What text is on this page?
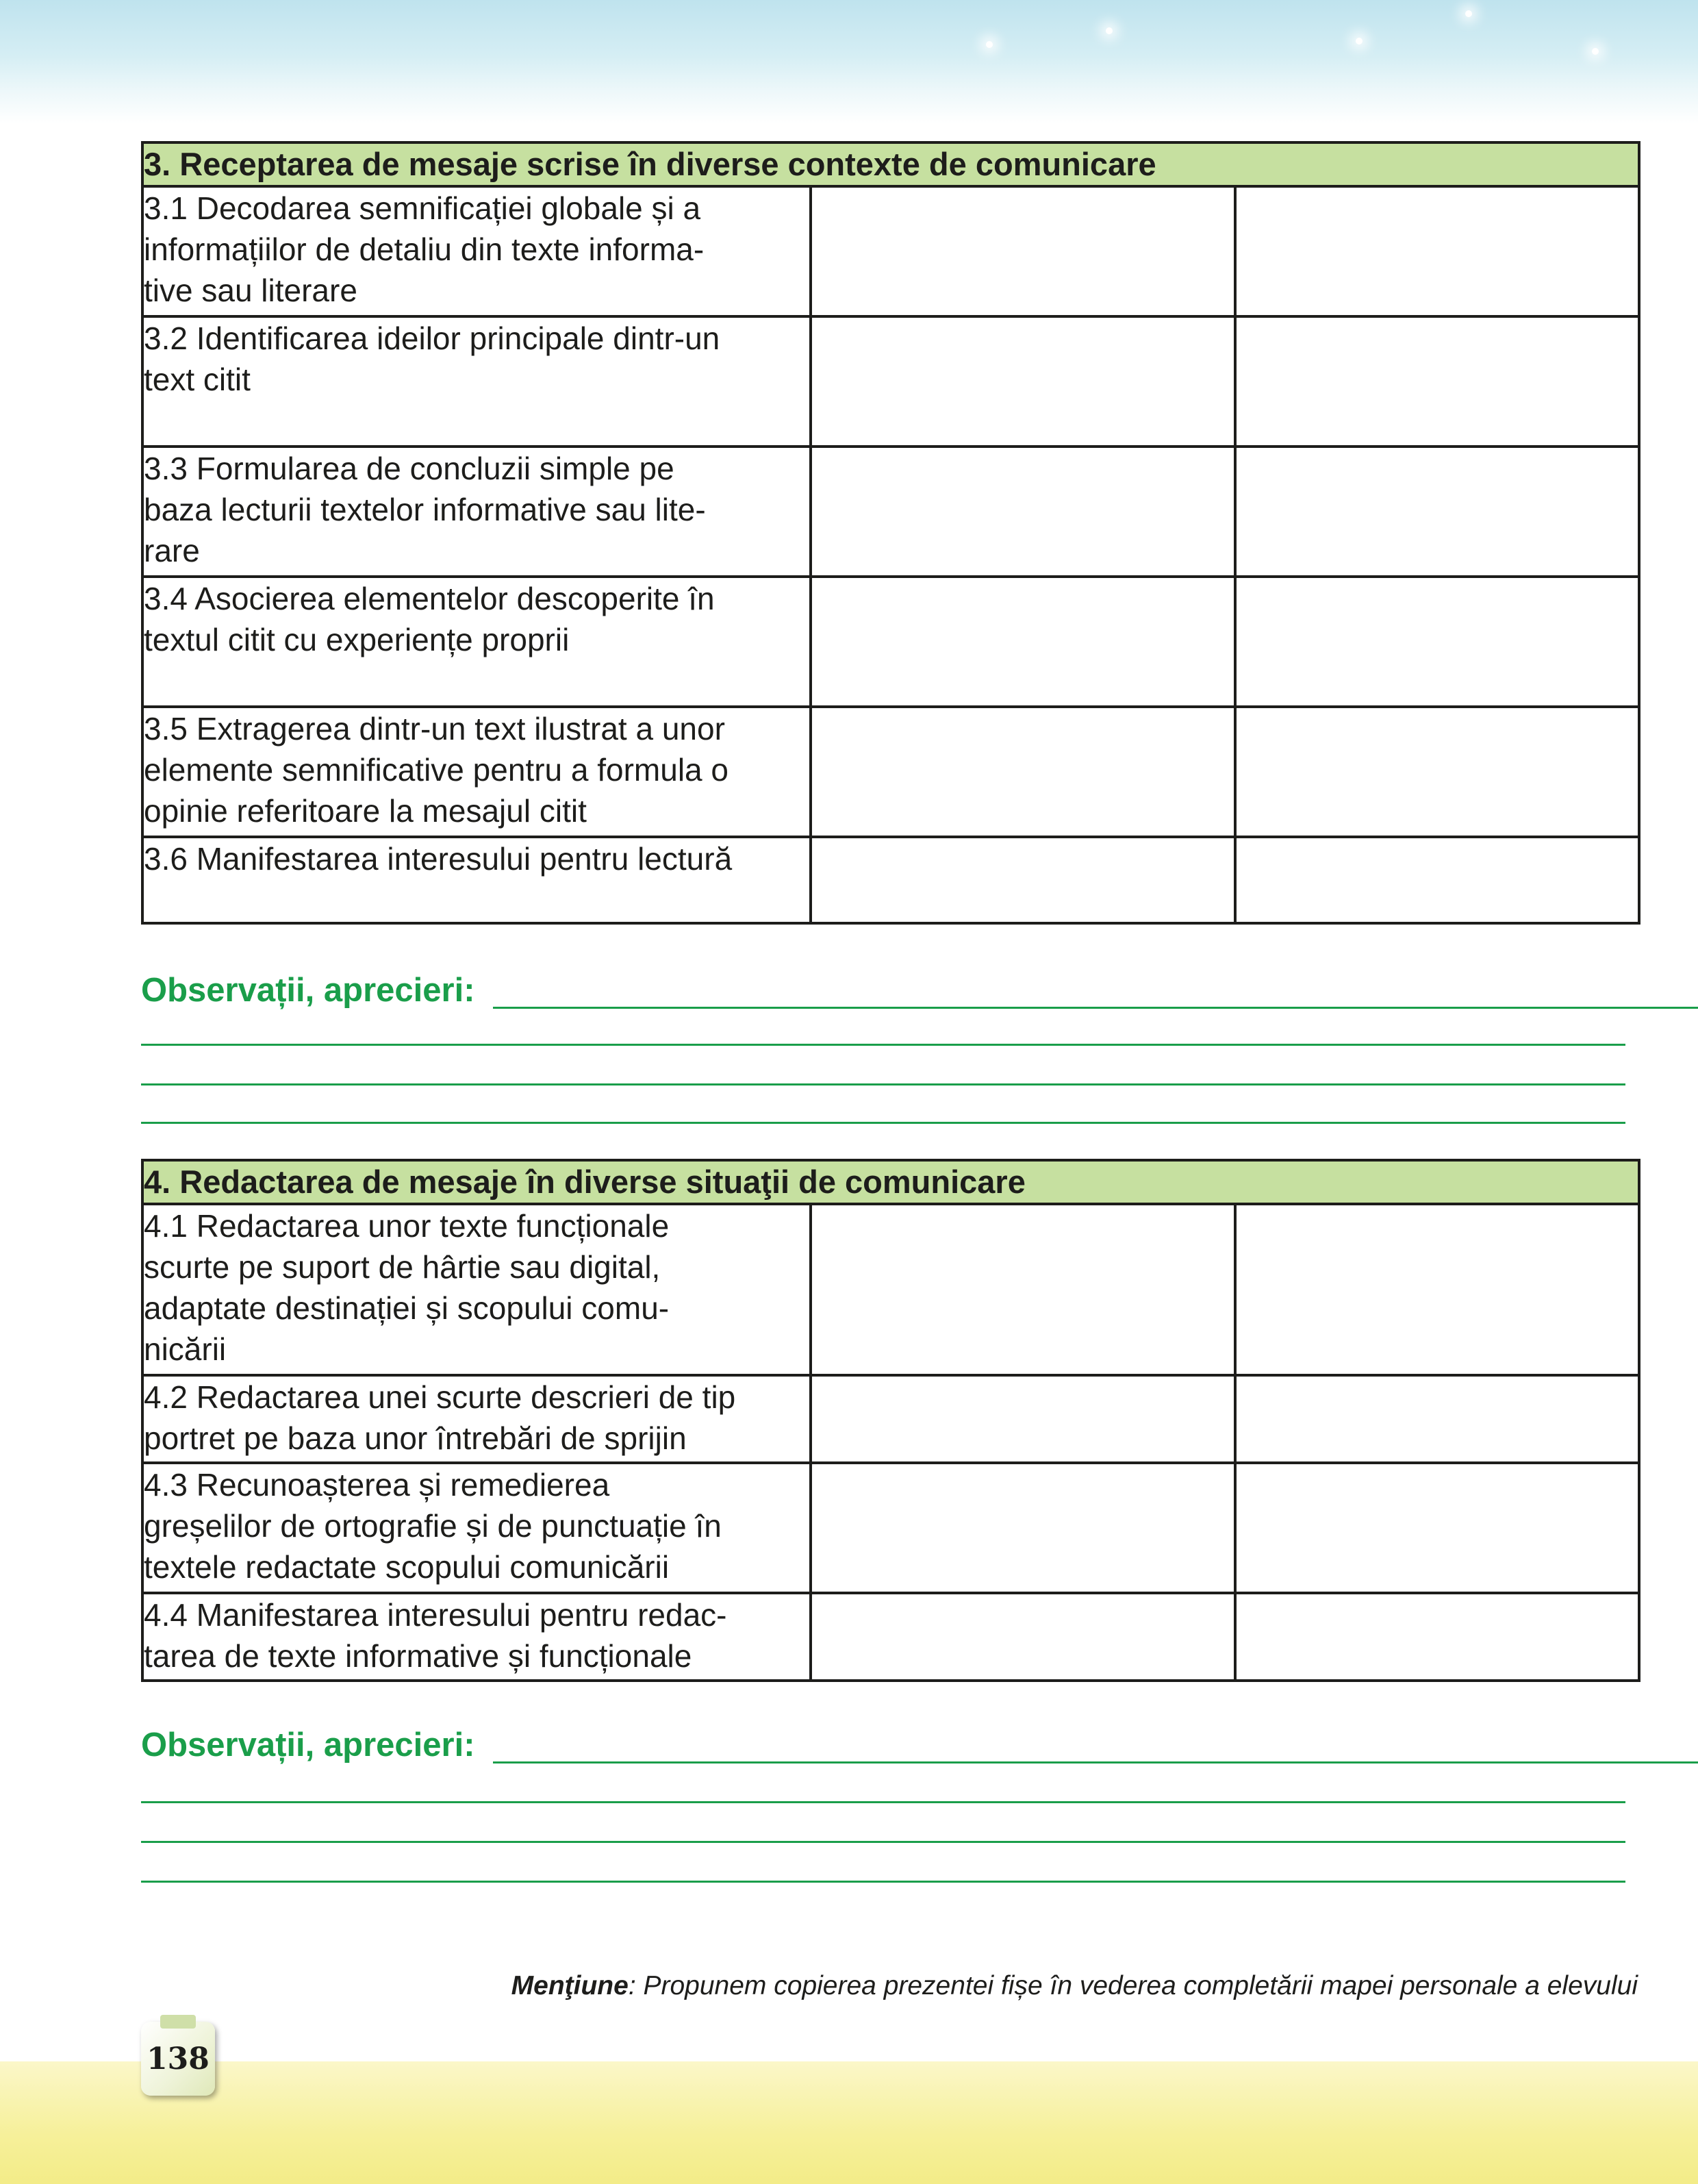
3. Receptarea de mesaje scrise în diverse contexte de comunicare		

3.1 Decodarea semnificației globale și a
informațiilor de detaliu din texte informa-
tive sau literare		

3.2 Identificarea ideilor principale dintr-un
text citit		

3.3 Formularea de concluzii simple pe
baza lecturii textelor informative sau lite-
rare		

3.4 Asocierea elementelor descoperite în
textul citit cu experiențe proprii		

3.5 Extragerea dintr-un text ilustrat a unor
elemente semnificative pentru a formula o
opinie referitoare la mesajul citit		

3.6 Manifestarea interesului pentru lectură		

Observații, aprecieri:
4. Redactarea de mesaje în diverse situaţii de comunicare		

4.1 Redactarea unor texte funcționale
scurte pe suport de hârtie sau digital,
adaptate destinației și scopului comu-
nicării		

4.2 Redactarea unei scurte descrieri de tip
portret pe baza unor întrebări de sprijin		

4.3 Recunoașterea și remedierea
greșelilor de ortografie și de punctuație în
textele redactate scopului comunicării		

4.4 Manifestarea interesului pentru redac-
tarea de texte informative și funcționale		

Observații, aprecieri:
Menţiune: Propunem copierea prezentei fișe în vederea completării mapei personale a elevului
138
